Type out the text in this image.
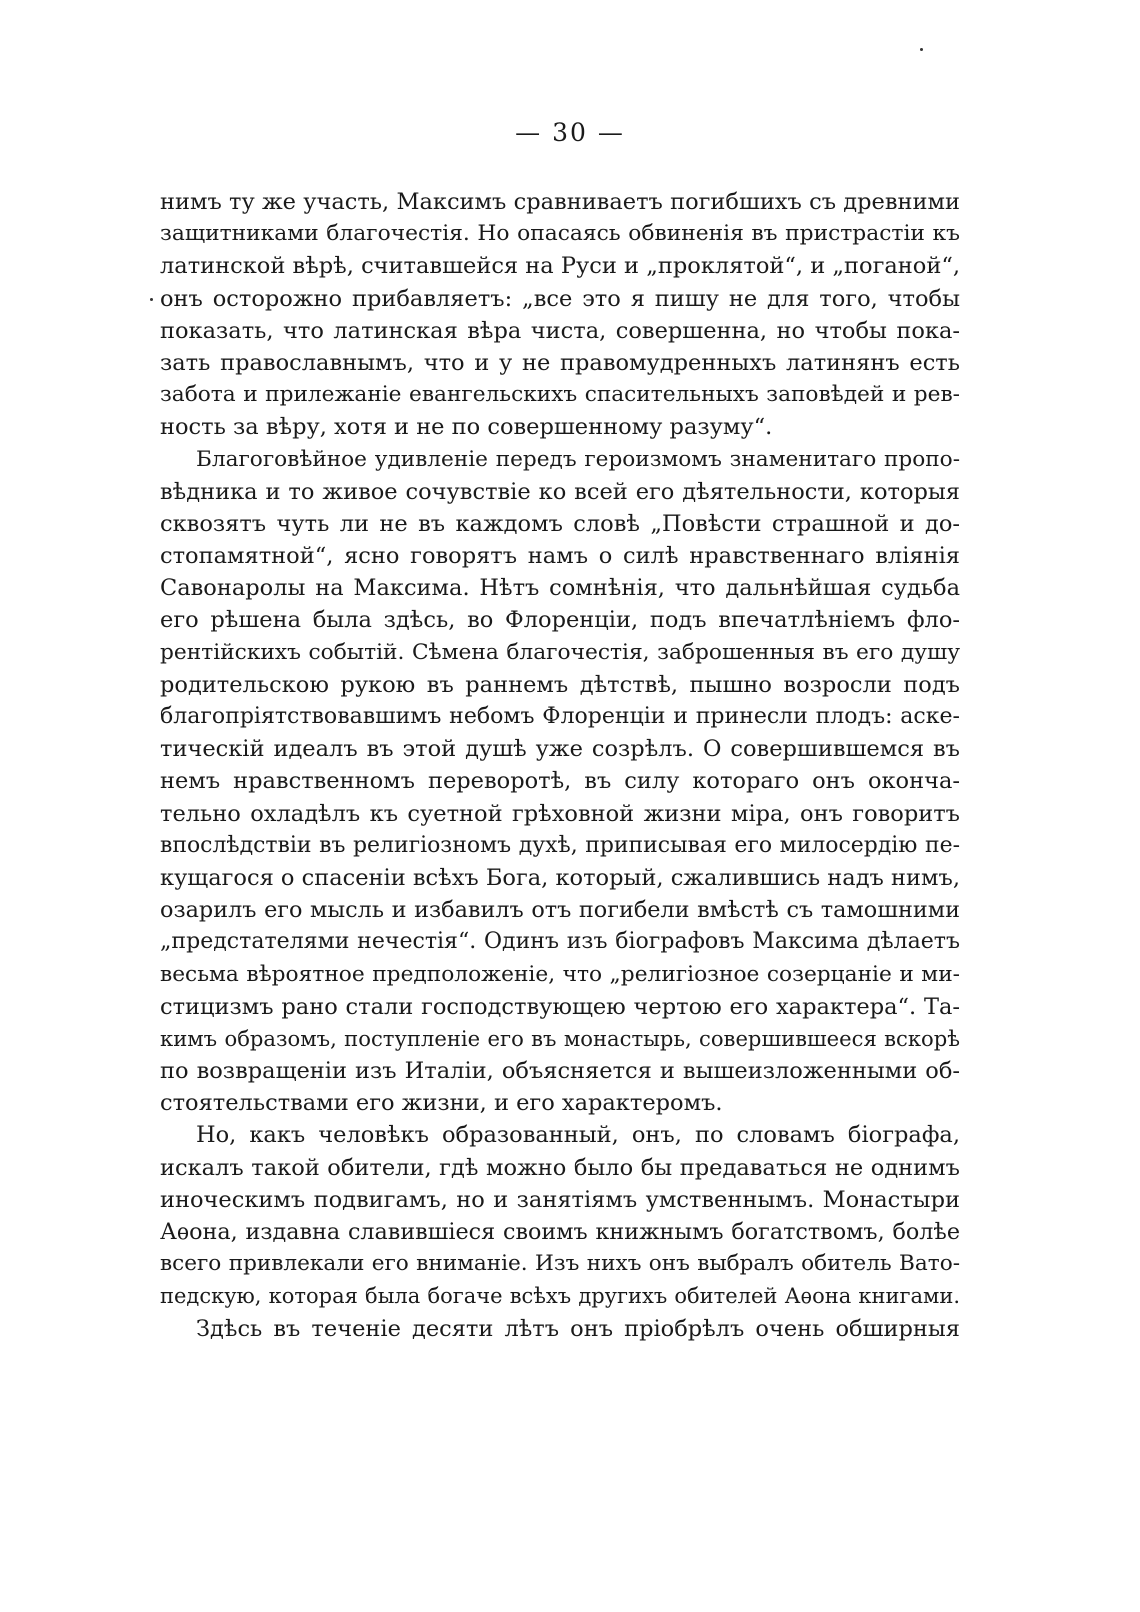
— 30 —
нимъ ту же участь, Максимъ сравниваетъ погибшихъ съ древними
защитниками благочестія. Но опасаясь обвиненія въ пристрастіи къ
латинской вѣрѣ, считавшейся на Руси и „проклятой“, и „поганой“,
онъ осторожно прибавляетъ: „все это я пишу не для того, чтобы
показать, что латинская вѣра чиста, совершенна, но чтобы пока-
зать православнымъ, что и у не правомудренныхъ латинянъ есть
забота и прилежаніе евангельскихъ спасительныхъ заповѣдей и рев-
ность за вѣру, хотя и не по совершенному разуму“.
Благоговѣйное удивленіе передъ героизмомъ знаменитаго пропо-
вѣдника и то живое сочувствіе ко всей его дѣятельности, которыя
сквозятъ чуть ли не въ каждомъ словѣ „Повѣсти страшной и до-
стопамятной“, ясно говорятъ намъ о силѣ нравственнаго вліянія
Савонаролы на Максима. Нѣтъ сомнѣнія, что дальнѣйшая судьба
его рѣшена была здѣсь, во Флоренціи, подъ впечатлѣніемъ фло-
рентійскихъ событій. Сѣмена благочестія, заброшенныя въ его душу
родительскою рукою въ раннемъ дѣтствѣ, пышно возросли подъ
благопріятствовавшимъ небомъ Флоренціи и принесли плодъ: аске-
тическій идеалъ въ этой душѣ уже созрѣлъ. О совершившемся въ
немъ нравственномъ переворотѣ, въ силу котораго онъ оконча-
тельно охладѣлъ къ суетной грѣховной жизни міра, онъ говоритъ
впослѣдствіи въ религіозномъ духѣ, приписывая его милосердію пе-
кущагося о спасеніи всѣхъ Бога, который, сжалившись надъ нимъ,
озарилъ его мысль и избавилъ отъ погибели вмѣстѣ съ тамошними
„предстателями нечестія“. Одинъ изъ біографовъ Максима дѣлаетъ
весьма вѣроятное предположеніе, что „религіозное созерцаніе и ми-
стицизмъ рано стали господствующею чертою его характера“. Та-
кимъ образомъ, поступленіе его въ монастырь, совершившееся вскорѣ
по возвращеніи изъ Италіи, объясняется и вышеизложенными об-
стоятельствами его жизни, и его характеромъ.
Но, какъ человѣкъ образованный, онъ, по словамъ біографа,
искалъ такой обители, гдѣ можно было бы предаваться не однимъ
иноческимъ подвигамъ, но и занятіямъ умственнымъ. Монастыри
Аѳона, издавна славившіеся своимъ книжнымъ богатствомъ, болѣе
всего привлекали его вниманіе. Изъ нихъ онъ выбралъ обитель Вато-
педскую, которая была богаче всѣхъ другихъ обителей Аѳона книгами.
Здѣсь въ теченіе десяти лѣтъ онъ пріобрѣлъ очень обширныя
